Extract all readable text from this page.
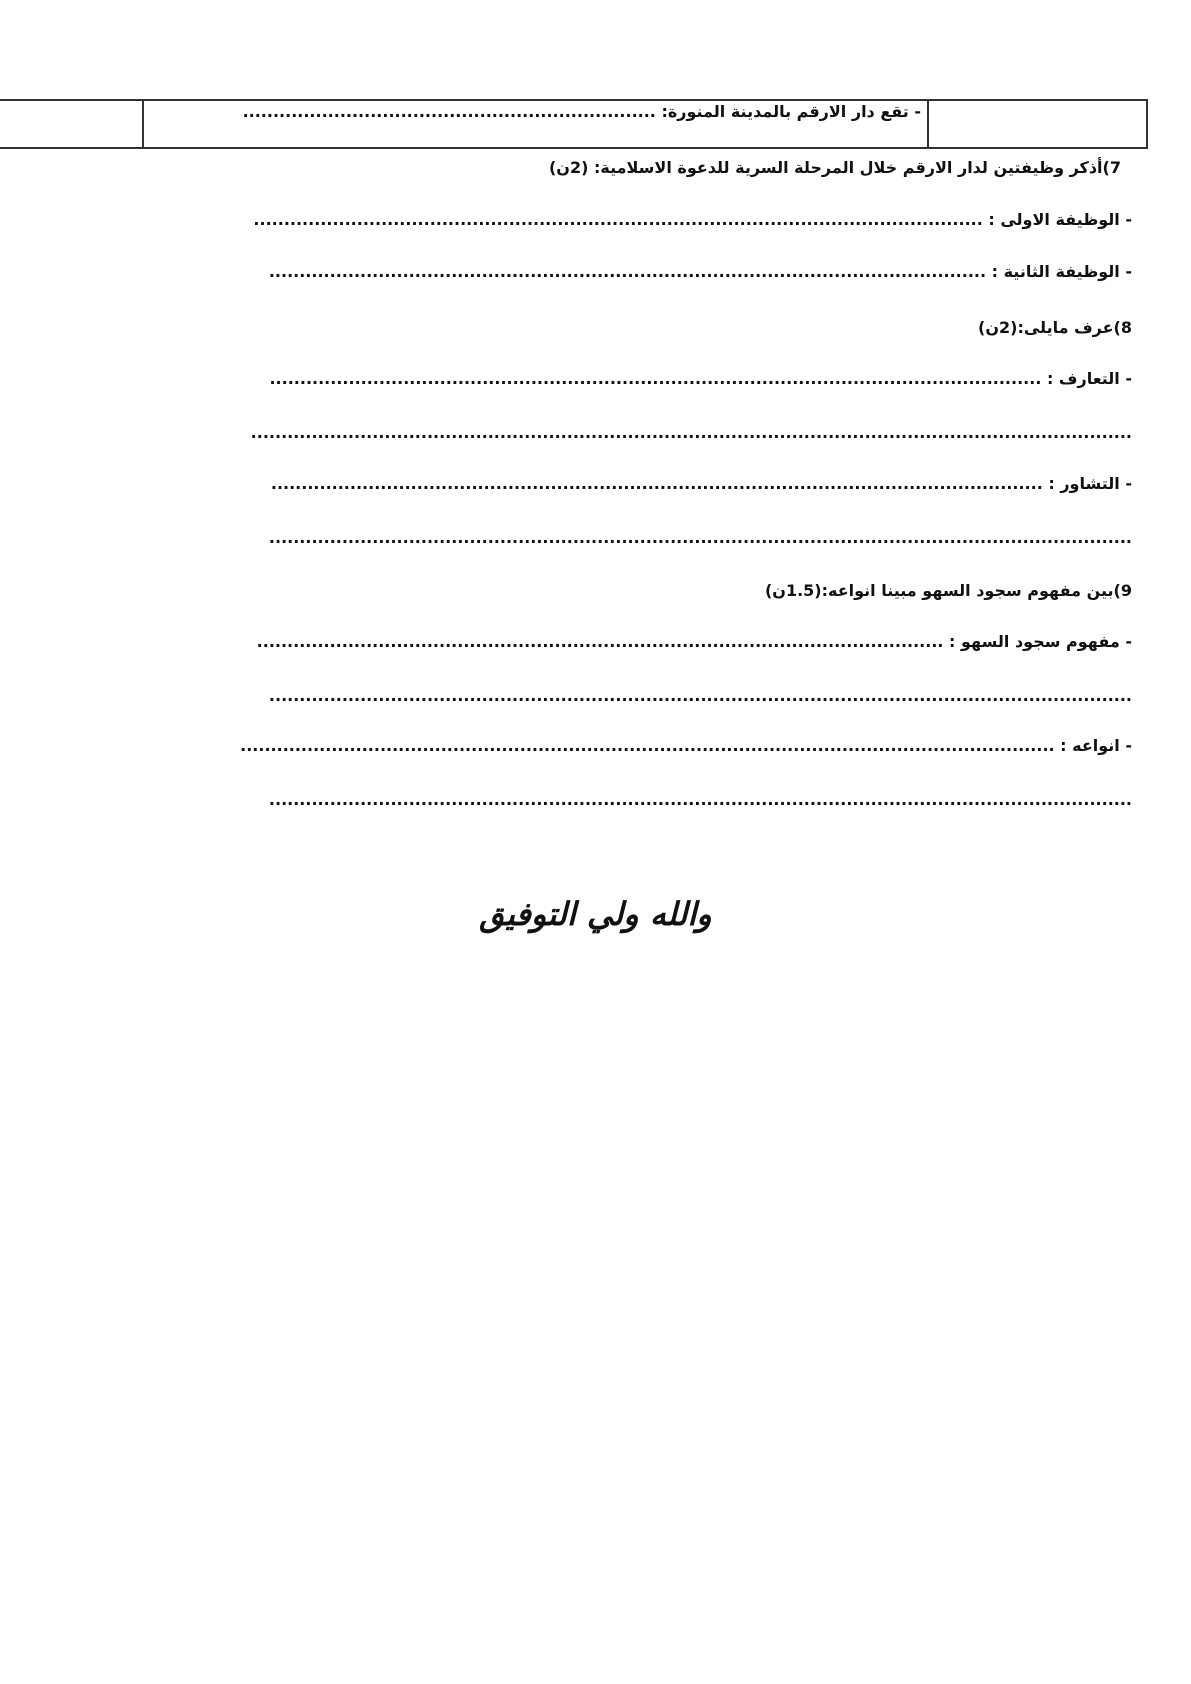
- تقع دار الارقم بالمدينة المنورة: ....................................................................
7)أذكر وظيفتين لدار الارقم خلال المرحلة السرية للدعوة الاسلامية: (2ن)
- الوظيفة الاولى : ........................................................................................................................
- الوظيفة الثانية : ......................................................................................................................
8)عرف مايلى:(2ن)
- التعارف : ...............................................................................................................................
.................................................................................................................................................
- التشاور : ...............................................................................................................................
..............................................................................................................................................
9)بين مفهوم سجود السهو مبينا انواعه:(1.5ن)
- مفهوم سجود السهو : .................................................................................................................
..............................................................................................................................................
- انواعه : ......................................................................................................................................
..............................................................................................................................................
والله ولي التوفيق
